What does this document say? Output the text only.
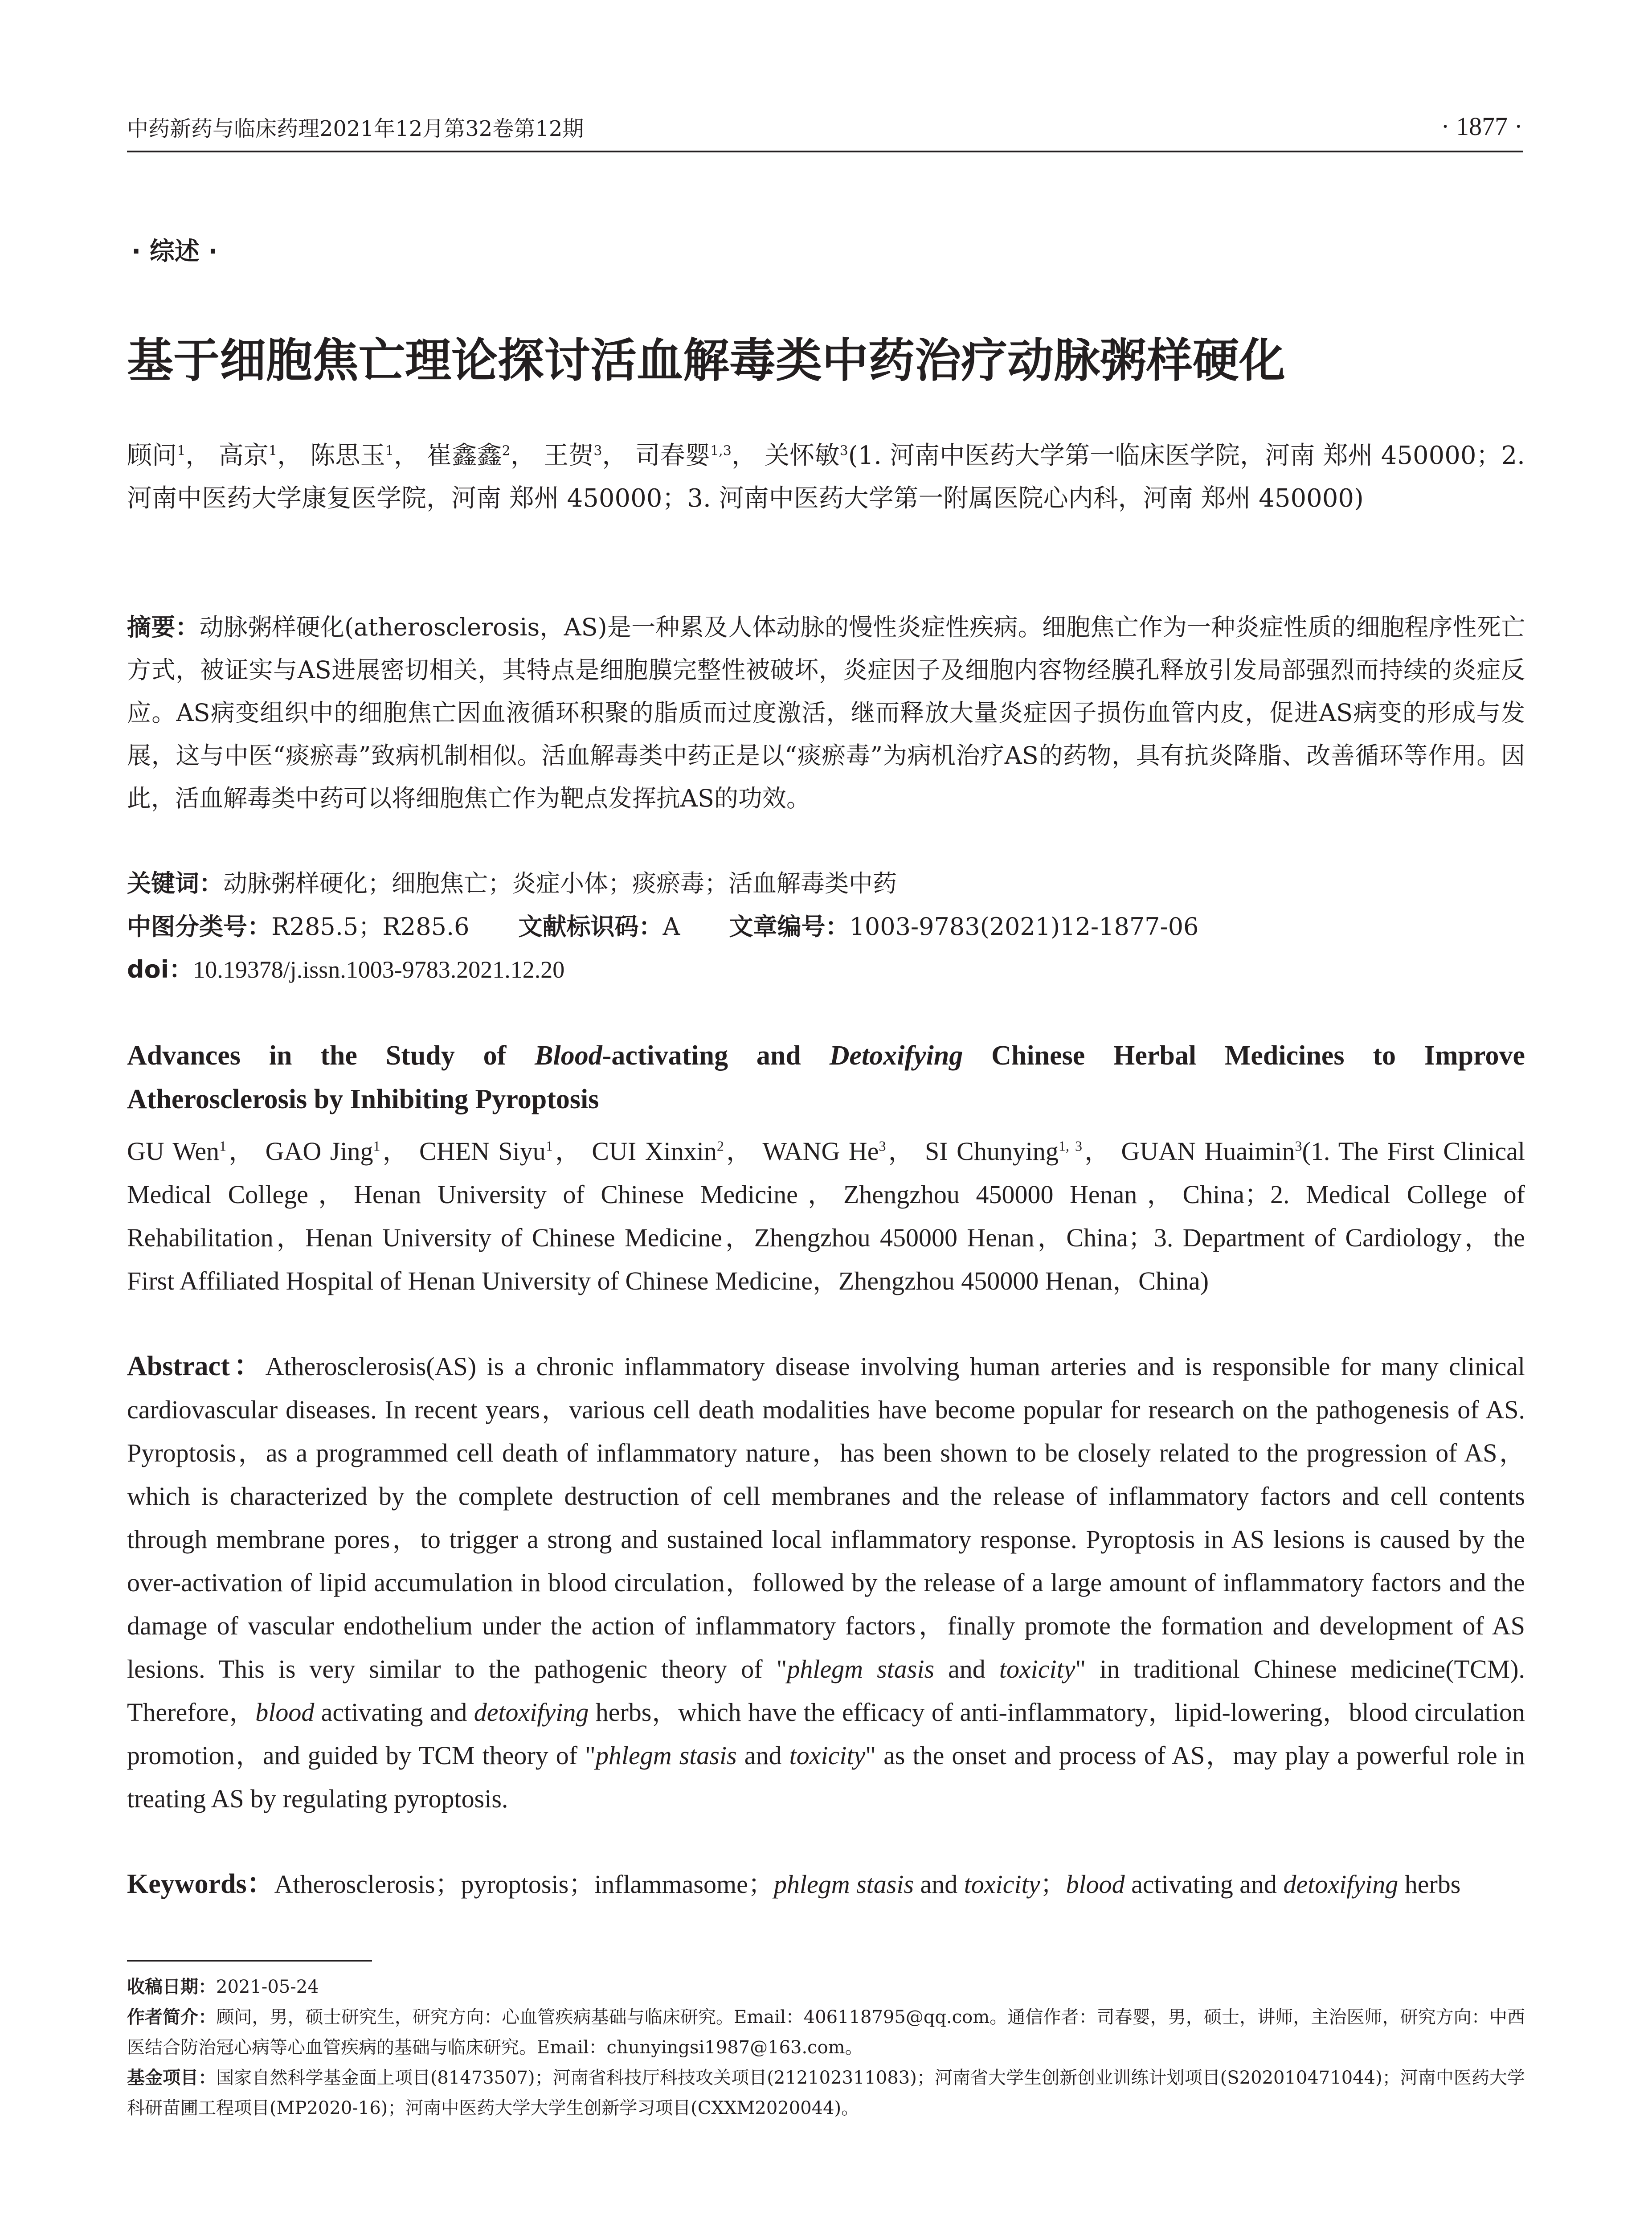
中药新药与临床药理2021年12月第32卷第12期	· 1877 ·
· 综述 ·
基于细胞焦亡理论探讨活血解毒类中药治疗动脉粥样硬化
顾问$^1$， 高京$^1$， 陈思玉$^1$， 崔鑫鑫$^2$， 王贺$^3$， 司春婴$^{1,3}$， 关怀敏$^3$(1. 河南中医药大学第一临床医学院，河南 郑州 450000；2. 河南中医药大学康复医学院，河南 郑州 450000；3. 河南中医药大学第一附属医院心内科，河南 郑州 450000)
摘要：动脉粥样硬化(atherosclerosis，AS)是一种累及人体动脉的慢性炎症性疾病。细胞焦亡作为一种炎症性质的细胞程序性死亡方式，被证实与AS进展密切相关，其特点是细胞膜完整性被破坏，炎症因子及细胞内容物经膜孔释放引发局部强烈而持续的炎症反应。AS病变组织中的细胞焦亡因血液循环积聚的脂质而过度激活，继而释放大量炎症因子损伤血管内皮，促进AS病变的形成与发展，这与中医“痰瘀毒”致病机制相似。活血解毒类中药正是以“痰瘀毒”为病机治疗AS的药物，具有抗炎降脂、改善循环等作用。因此，活血解毒类中药可以将细胞焦亡作为靶点发挥抗AS的功效。
关键词：动脉粥样硬化；细胞焦亡；炎症小体；痰瘀毒；活血解毒类中药
中图分类号：R285.5；R285.6 文献标识码：A 文章编号：1003-9783(2021)12-1877-06
doi：10.19378/j.issn.1003-9783.2021.12.20
Advances in the Study of Blood-activating and Detoxifying Chinese Herbal Medicines to Improve
Atherosclerosis by Inhibiting Pyroptosis
GU Wen$^1$， GAO Jing$^1$， CHEN Siyu$^1$， CUI Xinxin$^2$， WANG He$^3$， SI Chunying$^{1, 3}$， GUAN Huaimin$^3$(1. The First Clinical Medical College，Henan University of Chinese Medicine，Zhengzhou 450000 Henan，China；2. Medical College of Rehabilitation，Henan University of Chinese Medicine，Zhengzhou 450000 Henan，China；3. Department of Cardiology，the First Affiliated Hospital of Henan University of Chinese Medicine，Zhengzhou 450000 Henan，China)
Abstract：Atherosclerosis(AS) is a chronic inflammatory disease involving human arteries and is responsible for many clinical cardiovascular diseases. In recent years，various cell death modalities have become popular for research on the pathogenesis of AS. Pyroptosis，as a programmed cell death of inflammatory nature，has been shown to be closely related to the progression of AS，which is characterized by the complete destruction of cell membranes and the release of inflammatory factors and cell contents through membrane pores，to trigger a strong and sustained local inflammatory response. Pyroptosis in AS lesions is caused by the over-activation of lipid accumulation in blood circulation，followed by the release of a large amount of inflammatory factors and the damage of vascular endothelium under the action of inflammatory factors，finally promote the formation and development of AS lesions. This is very similar to the pathogenic theory of "phlegm stasis and toxicity" in traditional Chinese medicine(TCM). Therefore，blood activating and detoxifying herbs，which have the efficacy of anti-inflammatory，lipid-lowering，blood circulation promotion，and guided by TCM theory of "phlegm stasis and toxicity" as the onset and process of AS，may play a powerful role in treating AS by regulating pyroptosis.
Keywords：Atherosclerosis；pyroptosis；inflammasome；phlegm stasis and toxicity；blood activating and detoxifying herbs
收稿日期：2021-05-24
作者简介：顾问，男，硕士研究生，研究方向：心血管疾病基础与临床研究。Email：406118795@qq.com。通信作者：司春婴，男，硕士，讲师，主治医师，研究方向：中西医结合防治冠心病等心血管疾病的基础与临床研究。Email：chunyingsi1987@163.com。
基金项目：国家自然科学基金面上项目(81473507)；河南省科技厅科技攻关项目(212102311083)；河南省大学生创新创业训练计划项目(S202010471044)；河南中医药大学科研苗圃工程项目(MP2020-16)；河南中医药大学大学生创新学习项目(CXXM2020044)。
